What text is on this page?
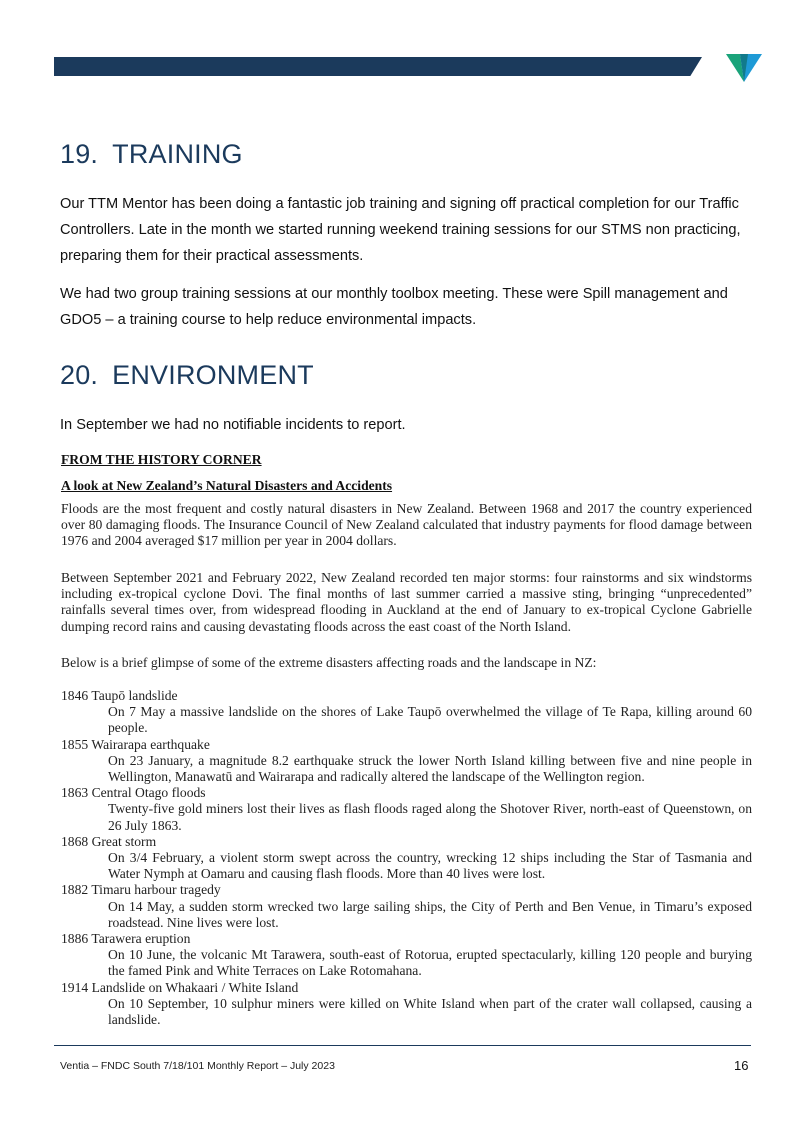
19. TRAINING

Our TTM Mentor has been doing a fantastic job training and signing off practical completion for our Traffic Controllers. Late in the month we started running weekend training sessions for our STMS non practicing, preparing them for their practical assessments.

We had two group training sessions at our monthly toolbox meeting. These were Spill management and GDO5 – a training course to help reduce environmental impacts.

20. ENVIRONMENT

In September we had no notifiable incidents to report.

FROM THE HISTORY CORNER

A look at New Zealand’s Natural Disasters and Accidents

Floods are the most frequent and costly natural disasters in New Zealand. Between 1968 and 2017 the country experienced over 80 damaging floods. The Insurance Council of New Zealand calculated that industry payments for flood damage between 1976 and 2004 averaged $17 million per year in 2004 dollars.

Between September 2021 and February 2022, New Zealand recorded ten major storms: four rainstorms and six windstorms including ex-tropical cyclone Dovi. The final months of last summer carried a massive sting, bringing “unprecedented” rainfalls several times over, from widespread flooding in Auckland at the end of January to ex-tropical Cyclone Gabrielle dumping record rains and causing devastating floods across the east coast of the North Island.

Below is a brief glimpse of some of the extreme disasters affecting roads and the landscape in NZ:

1846 Taupō landslide
On 7 May a massive landslide on the shores of Lake Taupō overwhelmed the village of Te Rapa, killing around 60 people.
1855 Wairarapa earthquake
On 23 January, a magnitude 8.2 earthquake struck the lower North Island killing between five and nine people in Wellington, Manawatū and Wairarapa and radically altered the landscape of the Wellington region.
1863 Central Otago floods
Twenty-five gold miners lost their lives as flash floods raged along the Shotover River, north-east of Queenstown, on 26 July 1863.
1868 Great storm
On 3/4 February, a violent storm swept across the country, wrecking 12 ships including the Star of Tasmania and Water Nymph at Oamaru and causing flash floods. More than 40 lives were lost.
1882 Timaru harbour tragedy
On 14 May, a sudden storm wrecked two large sailing ships, the City of Perth and Ben Venue, in Timaru’s exposed roadstead. Nine lives were lost.
1886 Tarawera eruption
On 10 June, the volcanic Mt Tarawera, south-east of Rotorua, erupted spectacularly, killing 120 people and burying the famed Pink and White Terraces on Lake Rotomahana.
1914 Landslide on Whakaari / White Island
On 10 September, 10 sulphur miners were killed on White Island when part of the crater wall collapsed, causing a landslide.
Ventia – FNDC South 7/18/101 Monthly Report – July 2023	16
